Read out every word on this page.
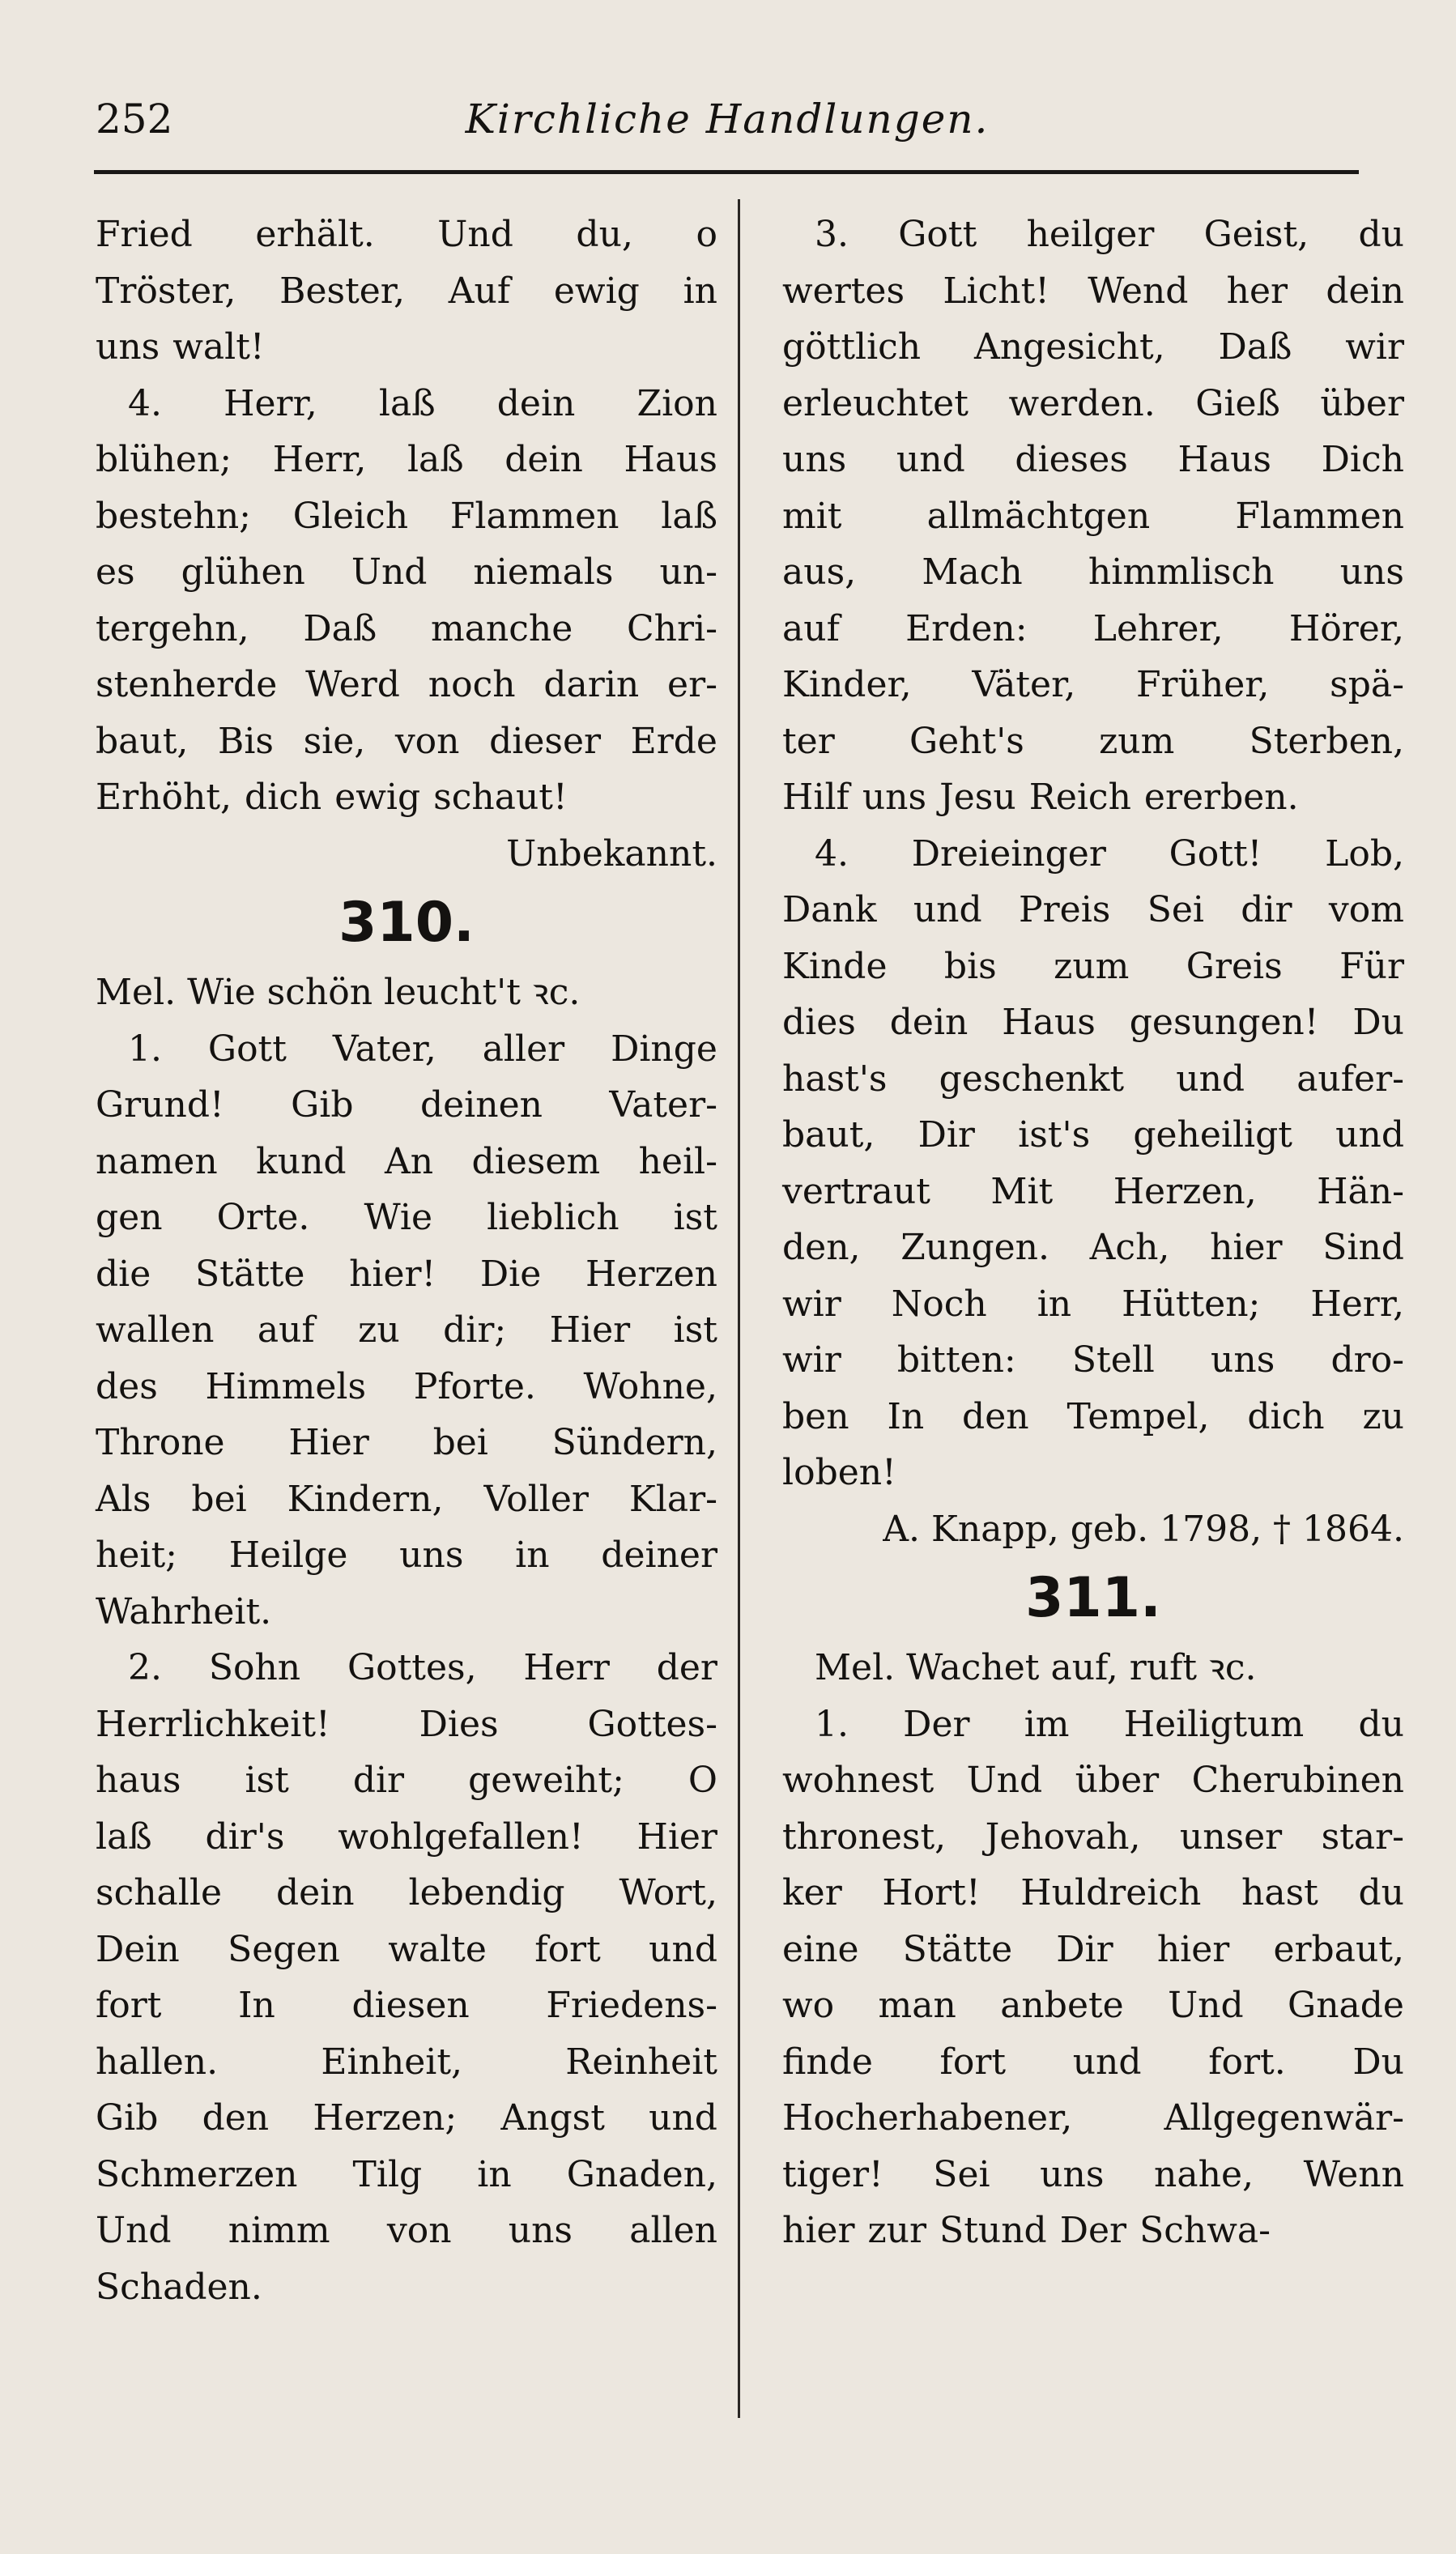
252	Kirchliche Handlungen.
Fried erhält. Und du, o
Tröster, Bester, Auf ewig in
uns walt!
4. Herr, laß dein Zion
blühen; Herr, laß dein Haus
bestehn; Gleich Flammen laß
es glühen Und niemals un-
tergehn, Daß manche Chri-
stenherde Werd noch darin er-
baut, Bis sie, von dieser Erde
Erhöht, dich ewig schaut!
Unbekannt.
310.
Mel. Wie schön leucht't ꝛc.
1. Gott Vater, aller Dinge
Grund! Gib deinen Vater-
namen kund An diesem heil-
gen Orte. Wie lieblich ist
die Stätte hier! Die Herzen
wallen auf zu dir; Hier ist
des Himmels Pforte. Wohne,
Throne Hier bei Sündern,
Als bei Kindern, Voller Klar-
heit; Heilge uns in deiner
Wahrheit.
2. Sohn Gottes, Herr der
Herrlichkeit! Dies Gottes-
haus ist dir geweiht; O
laß dir's wohlgefallen! Hier
schalle dein lebendig Wort,
Dein Segen walte fort und
fort In diesen Friedens-
hallen.	Einheit,	Reinheit
Gib den Herzen; Angst und
Schmerzen Tilg in Gnaden,
Und nimm von uns allen
Schaden.
3. Gott heilger Geist, du
wertes Licht! Wend her dein
göttlich Angesicht, Daß wir
erleuchtet werden. Gieß über
uns und dieses Haus Dich
mit allmächtgen Flammen
aus, Mach himmlisch uns
auf Erden: Lehrer, Hörer,
Kinder, Väter, Früher, spä-
ter Geht's zum Sterben,
Hilf uns Jesu Reich ererben.
4. Dreieinger Gott! Lob,
Dank und Preis Sei dir vom
Kinde bis zum Greis Für
dies dein Haus gesungen! Du
hast's geschenkt und aufer-
baut, Dir ist's geheiligt und
vertraut Mit Herzen, Hän-
den, Zungen. Ach, hier Sind
wir Noch in Hütten; Herr,
wir bitten: Stell uns dro-
ben In den Tempel, dich zu
loben!
A. Knapp, geb. 1798, † 1864.
311.
Mel. Wachet auf, ruft ꝛc.
1. Der im Heiligtum du
wohnest Und über Cherubinen
thronest, Jehovah, unser star-
ker Hort! Huldreich hast du
eine Stätte Dir hier erbaut,
wo man anbete Und Gnade
finde fort und fort. Du
Hocherhabener,	Allgegenwär-
tiger! Sei uns nahe, Wenn
hier zur Stund Der Schwa-
